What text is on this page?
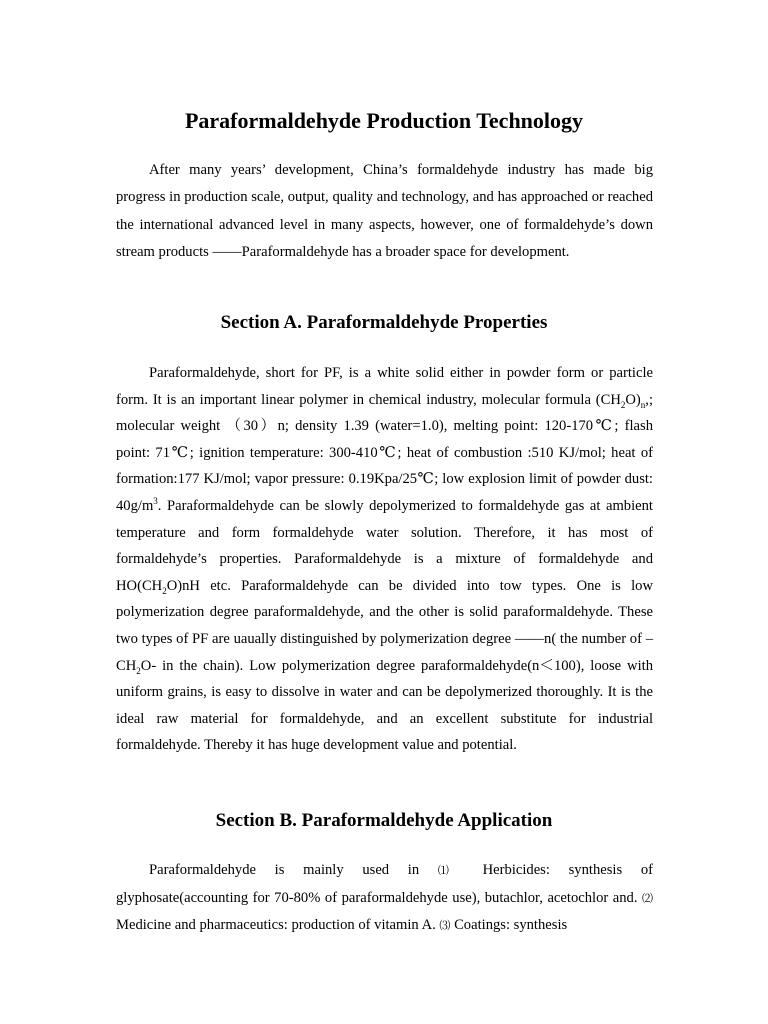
Paraformaldehyde Production Technology

After many years’ development, China’s formaldehyde industry has made big progress in production scale, output, quality and technology, and has approached or reached the international advanced level in many aspects, however, one of formaldehyde’s down stream products ——Paraformaldehyde has a broader space for development.

Section A. Paraformaldehyde Properties

Paraformaldehyde, short for PF, is a white solid either in powder form or particle form. It is an important linear polymer in chemical industry, molecular formula $(CH_2O)_n$,; molecular weight （30）n; density 1.39 (water=1.0), melting point: 120-170℃; flash point: 71℃; ignition temperature: 300-410℃; heat of combustion :510 KJ/mol; heat of formation:177 KJ/mol; vapor pressure: 0.19Kpa/25℃; low explosion limit of powder dust: $40g/m^3$. Paraformaldehyde can be slowly depolymerized to formaldehyde gas at ambient temperature and form formaldehyde water solution. Therefore, it has most of formaldehyde’s properties. Paraformaldehyde is a mixture of formaldehyde and $HO(CH_2O)nH$ etc. Paraformaldehyde can be divided into tow types. One is low polymerization degree paraformaldehyde, and the other is solid paraformaldehyde. These two types of PF are uaually distinguished by polymerization degree ——n( the number of $-CH_2O-$ in the chain). Low polymerization degree paraformaldehyde(n＜100), loose with uniform grains, is easy to dissolve in water and can be depolymerized thoroughly. It is the ideal raw material for formaldehyde, and an excellent substitute for industrial formaldehyde. Thereby it has huge development value and potential.

Section B. Paraformaldehyde Application

Paraformaldehyde is mainly used in ⑴ Herbicides: synthesis of glyphosate(accounting for 70-80% of paraformaldehyde use), butachlor, acetochlor and. ⑵ Medicine and pharmaceutics: production of vitamin A. ⑶ Coatings: synthesis
